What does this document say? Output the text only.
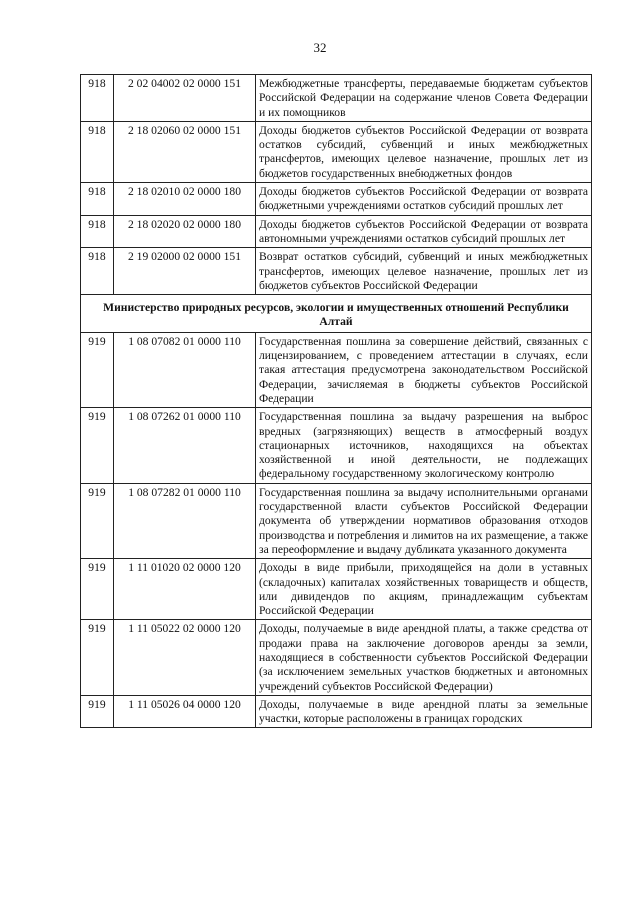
32
918	2 02 04002 02 0000 151	Межбюджетные трансферты, передаваемые бюджетам субъектов Российской Федерации на содержание членов Совета Федерации и их помощников
918	2 18 02060 02 0000 151	Доходы бюджетов субъектов Российской Федерации от возврата остатков субсидий, субвенций и иных межбюджетных трансфертов, имеющих целевое назначение, прошлых лет из бюджетов государственных внебюджетных фондов
918	2 18 02010 02 0000 180	Доходы бюджетов субъектов Российской Федерации от возврата бюджетными учреждениями остатков субсидий прошлых лет
918	2 18 02020 02 0000 180	Доходы бюджетов субъектов Российской Федерации от возврата автономными учреждениями остатков субсидий прошлых лет
918	2 19 02000 02 0000 151	Возврат остатков субсидий, субвенций и иных межбюджетных трансфертов, имеющих целевое назначение, прошлых лет из бюджетов субъектов Российской Федерации
Министерство природных ресурсов, экологии и имущественных отношений Республики Алтай		
919	1 08 07082 01 0000 110	Государственная пошлина за совершение действий, связанных с лицензированием, с проведением аттестации в случаях, если такая аттестация предусмотрена законодательством Российской Федерации, зачисляемая в бюджеты субъектов Российской Федерации
919	1 08 07262 01 0000 110	Государственная пошлина за выдачу разрешения на выброс вредных (загрязняющих) веществ в атмосферный воздух стационарных источников, находящихся на объектах хозяйственной и иной деятельности, не подлежащих федеральному государственному экологическому контролю
919	1 08 07282 01 0000 110	Государственная пошлина за выдачу исполнительными органами государственной власти субъектов Российской Федерации документа об утверждении нормативов образования отходов производства и потребления и лимитов на их размещение, а также за переоформление и выдачу дубликата указанного документа
919	1 11 01020 02 0000 120	Доходы в виде прибыли, приходящейся на доли в уставных (складочных) капиталах хозяйственных товариществ и обществ, или дивидендов по акциям, принадлежащим субъектам Российской Федерации
919	1 11 05022 02 0000 120	Доходы, получаемые в виде арендной платы, а также средства от продажи права на заключение договоров аренды за земли, находящиеся в собственности субъектов Российской Федерации (за исключением земельных участков бюджетных и автономных учреждений субъектов Российской Федерации)
919	1 11 05026 04 0000 120	Доходы, получаемые в виде арендной платы за земельные участки, которые расположены в границах городских
